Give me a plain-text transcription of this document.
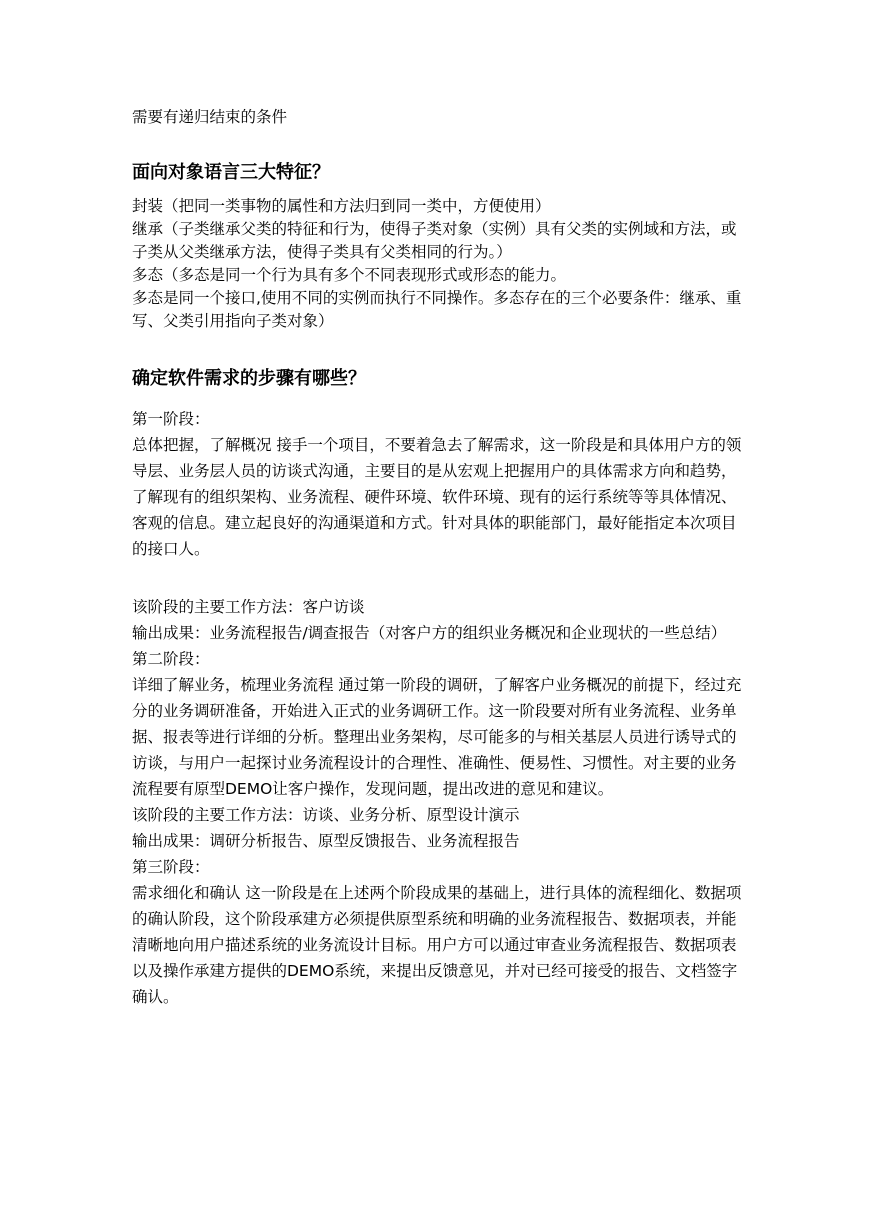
需要有递归结束的条件

面向对象语言三大特征？

封装（把同一类事物的属性和方法归到同一类中，方便使用）

继承（子类继承父类的特征和行为，使得子类对象（实例）具有父类的实例域和方法，或子类从父类继承方法，使得子类具有父类相同的行为。）

多态（多态是同一个行为具有多个不同表现形式或形态的能力。

多态是同一个接口,使用不同的实例而执行不同操作。多态存在的三个必要条件：继承、重写、父类引用指向子类对象）

确定软件需求的步骤有哪些？

第一阶段：

总体把握，了解概况 接手一个项目，不要着急去了解需求，这一阶段是和具体用户方的领导层、业务层人员的访谈式沟通，主要目的是从宏观上把握用户的具体需求方向和趋势，了解现有的组织架构、业务流程、硬件环境、软件环境、现有的运行系统等等具体情况、客观的信息。建立起良好的沟通渠道和方式。针对具体的职能部门，最好能指定本次项目的接口人。

该阶段的主要工作方法：客户访谈

输出成果：业务流程报告/调查报告（对客户方的组织业务概况和企业现状的一些总结）

第二阶段：

详细了解业务，梳理业务流程 通过第一阶段的调研，了解客户业务概况的前提下，经过充分的业务调研准备，开始进入正式的业务调研工作。这一阶段要对所有业务流程、业务单据、报表等进行详细的分析。整理出业务架构，尽可能多的与相关基层人员进行诱导式的访谈，与用户一起探讨业务流程设计的合理性、准确性、便易性、习惯性。对主要的业务流程要有原型DEMO让客户操作，发现问题，提出改进的意见和建议。

该阶段的主要工作方法：访谈、业务分析、原型设计演示

输出成果：调研分析报告、原型反馈报告、业务流程报告

第三阶段：

需求细化和确认 这一阶段是在上述两个阶段成果的基础上，进行具体的流程细化、数据项的确认阶段，这个阶段承建方必须提供原型系统和明确的业务流程报告、数据项表，并能清晰地向用户描述系统的业务流设计目标。用户方可以通过审查业务流程报告、数据项表以及操作承建方提供的DEMO系统，来提出反馈意见，并对已经可接受的报告、文档签字确认。
